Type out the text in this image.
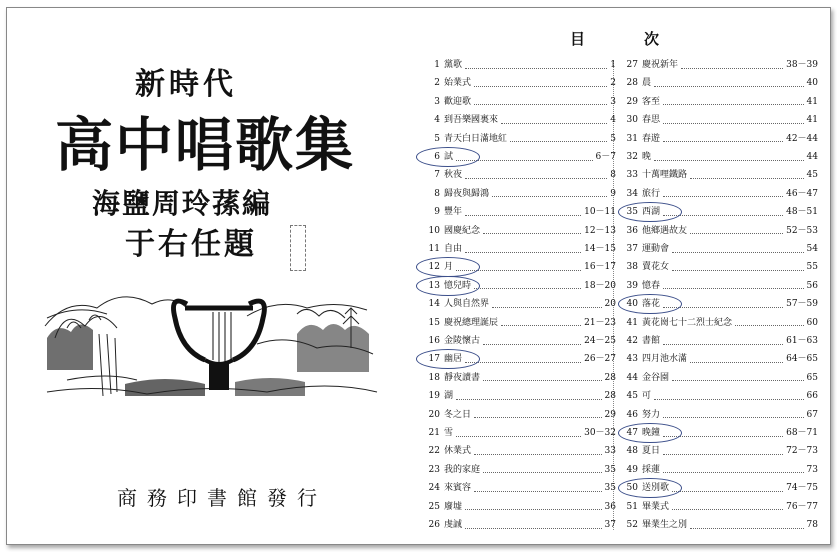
新時代
高中唱歌集
海鹽周玲蓀編
于右任題
商務印書館發行
目	次
1 黨歌	1
2 始業式	2
3 歡迎歌	3
4 到吾樂國裏來	4
5 青天白日滿地紅	5
6 試	6－7
7 秋夜	8
8 歸夜與歸鴻	9
9 豐年	10－11
10 國慶紀念	12－13
11 自由	14－15
12 月	16－17
13 憶兒時	18－20
14 人與自然界	20
15 慶祝總理誕辰	21－23
16 金陵懷古	24－25
17 幽居	26－27
18 靜夜讀書	28
19 湖	28
20 冬之日	29
21 雪	30－32
22 休業式	33
23 我的家庭	35
24 來賓容	35
25 廢墟	36
26 虔誠	37
27 慶祝新年	38－39
28 晨	40
29 客至	41
30 春思	41
31 春遊	42－44
32 晚	44
33 十萬哩鐵路	45
34 旅行	46－47
35 西湖	48－51
36 他鄉遇故友	52－53
37 運動會	54
38 賣花女	55
39 憶春	56
40 落花	57－59
41 黃花崗七十二烈士紀念	60
42 書館	61－63
43 四月池水滿	64－65
44 金谷園	65
45 可	66
46 努力	67
47 晚鐘	68－71
48 夏日	72－73
49 採蓮	73
50 送別歌	74－75
51 畢業式	76－77
52 畢業生之別	78
